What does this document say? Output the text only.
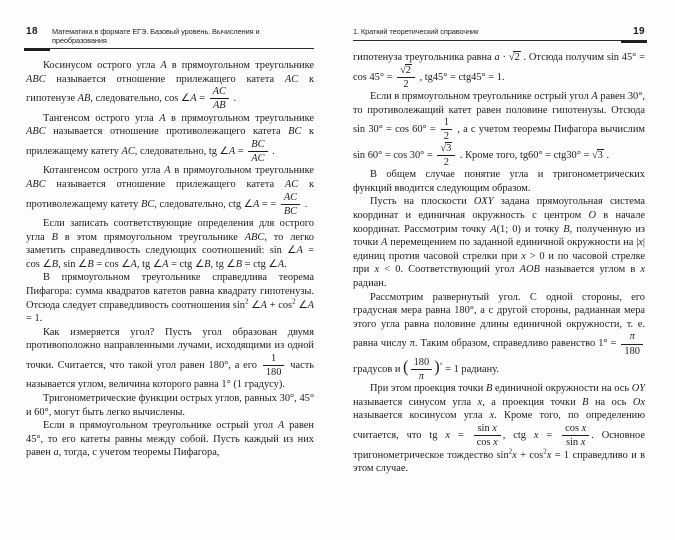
18 Математика в формате ЕГЭ. Базовый уровень. Вычисления и преобразования

Косинусом острого угла A в прямоугольном треугольнике ABC называется отношение прилежащего катета AC к гипотенузе AB, следовательно, cos ∠A = $\frac{AC}{AB}$ .

Тангенсом острого угла A в прямоугольном треугольнике ABC называется отношение противолежащего катета BC к прилежащему катету AC, следовательно, tg ∠A = $\frac{BC}{AC}$ .

Котангенсом острого угла A в прямоугольном треугольнике ABC называется отношение прилежащего катета AC к противолежащему катету BC, следовательно, ctg ∠A = = $\frac{AC}{BC}$ .

Если записать соответствующие определения для острого угла B в этом прямоугольном треугольнике ABC, то легко заметить справедливость следующих соотношений: sin ∠A = cos ∠B, sin ∠B = cos ∠A, tg ∠A = ctg ∠B, tg ∠B = ctg ∠A.

В прямоугольном треугольнике справедлива теорема Пифагора: сумма квадратов катетов равна квадрату гипотенузы. Отсюда следует справедливость соотношения $\sin^2$ ∠A + $\cos^2$ ∠A = 1.

Как измеряется угол? Пусть угол образован двумя противоположно направленными лучами, исходящими из одной точки. Считается, что такой угол равен 180°, а его $\frac{1}{180}$ часть называется углом, величина которого равна 1° (1 градусу).

Тригонометрические функции острых углов, равных 30°, 45° и 60°, могут быть легко вычислены.

Если в прямоугольном треугольнике острый угол A равен 45°, то его катеты равны между собой. Пусть каждый из них равен a, тогда, с учетом теоремы Пифагора,

1. Краткий теоретический справочник	19

гипотенуза треугольника равна a · √2 . Отсюда получим $\sin 45^\circ = \cos 45^\circ = \frac{√2}{2}$ , tg45° = ctg45° = 1.

Если в прямоугольном треугольнике острый угол A равен 30°, то противолежащий катет равен половине гипотенузы. Отсюда $\sin 30^\circ = \cos 60^\circ = \frac{1}{2}$ , а с учетом теоремы Пифагора вычислим $\sin 60^\circ = \cos 30^\circ = \frac{√3}{2}$ . Кроме того, tg60° = ctg30° = √3 .

В общем случае понятие угла и тригонометрических функций вводится следующим образом.

Пусть на плоскости OXY задана прямоугольная система координат и единичная окружность с центром O в начале координат. Рассмотрим точку A(1; 0) и точку B, полученную из точки A перемещением по заданной единичной окружности на |x| единиц против часовой стрелки при x > 0 и по часовой стрелке при x < 0. Соответствующий угол AOB называется углом в x радиан.

Рассмотрим развернутый угол. С одной стороны, его градусная мера равна 180°, а с другой стороны, радианная мера этого угла равна половине длины единичной окружности, т. е. равна числу π. Таким образом, справедливо равенство $1^\circ = \frac{\pi}{180}$
градусов и ( $\frac{180}{\pi} )^\circ = 1$ радиану.

При этом проекция точки B единичной окружности на ось OY называется синусом угла x, а проекция точки B на ось Ox называется косинусом угла x. Кроме того, по определению считается, что tg $x = \frac{\text{sin x}}{\text{cos x}}$ , ctg $x = \frac{\text{cos x}}{\text{sin x}}$ . Основное тригонометрическое тождество $\sin^2x + \cos^2x = 1$ справедливо и в этом случае.
